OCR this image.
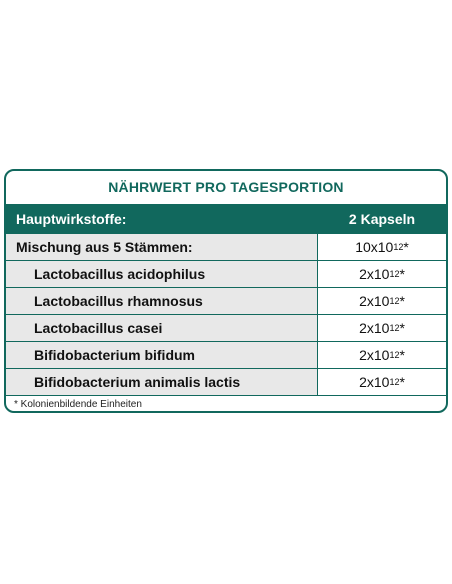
NÄHRWERT PRO TAGESPORTION
Hauptwirkstoffe:	2 Kapseln
Mischung aus 5 Stämmen:	10x10 12 *
Lactobacillus acidophilus	2x10 12 *
Lactobacillus rhamnosus	2x10 12 *
Lactobacillus casei	2x10 12 *
Bifidobacterium bifidum	2x10 12 *
Bifidobacterium animalis lactis	2x10 12 *
* Kolonienbildende Einheiten
